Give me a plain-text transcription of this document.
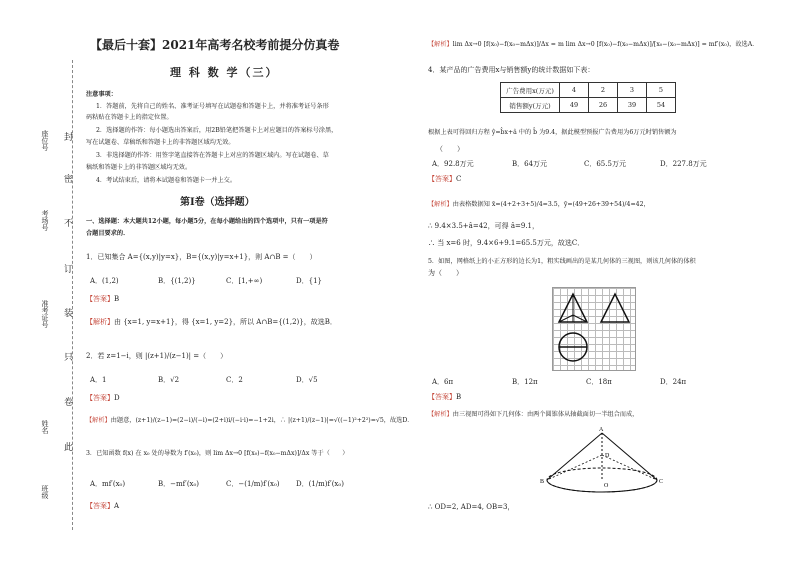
封
密
不
订
装
只
卷
此
座位号
考场号
准考证号
姓名
班级
【最后十套】2021年高考名校考前提分仿真卷
理 科 数 学（三）
注意事项：
1．答题前，先将自己的姓名、准考证号填写在试题卷和答题卡上，并将准考证号条形
码粘贴在答题卡上的指定位置。
2．选择题的作答：每小题选出答案后，用2B铅笔把答题卡上对应题目的答案标号涂黑，
写在试题卷、草稿纸和答题卡上的非答题区域均无效。
3．非选择题的作答：用签字笔直接答在答题卡上对应的答题区域内。写在试题卷、草
稿纸和答题卡上的非答题区域均无效。
4．考试结束后，请将本试题卷和答题卡一并上交。
第Ⅰ卷（选择题）
一、选择题：本大题共12小题，每小题5分，在每小题给出的四个选项中，只有一项是符
合题目要求的．
1．已知集合 A={(x,y)|y=x}，B={(x,y)|y=x+1}，则 A∩B =（　　）
A．(1,2)	B．{(1,2)}	C．[1,+∞)	D．{1}
【答案】B
【解析】由 {x=1, y=x+1}，得 {x=1, y=2}，所以 A∩B={(1,2)}，故选B．
2．若 z=1−i，则 |(z+1)/(z−1)| =（　　）
A．1	B．√2	C．2	D．√5
【答案】D
【解析】由题意，(z+1)/(z−1)=(2−i)/(−i)=(2+i)i/(−i·i)=−1+2i，∴ |(z+1)/(z−1)|=√((−1)²+2²)=√5，故选D．
3．已知函数 f(x) 在 x₀ 处的导数为 f′(x₀)，则 lim Δx→0 [f(x₀)−f(x₀−mΔx)]/Δx 等于（　　）
A．mf′(x₀)	B．−mf′(x₀)	C．−(1/m)f′(x₀) D．(1/m)f′(x₀)
【答案】A
【解析】lim Δx→0 [f(x₀)−f(x₀−mΔx)]/Δx = m lim Δx→0 [f(x₀)−f(x₀−mΔx)]/[x₀−(x₀−mΔx)] = mf′(x₀)，故选A．
4．某产品的广告费用x与销售额y的统计数据如下表：
广告费用x(万元)	4	2	3	5
销售额y(万元)	49	26	39	54
根据上表可得回归方程 ŷ=b̂x+â 中的 b̂ 为9.4，据此模型预报广告费用为6万元时销售额为
（　　）
A．92.8万元	B．64万元	C．65.5万元	D．227.8万元
【答案】C
【解析】由表格数据知 x̄=(4+2+3+5)/4=3.5，ȳ=(49+26+39+54)/4=42，
∴ 9.4×3.5+â=42，可得 â=9.1，
∴ 当 x=6 时，9.4×6+9.1=65.5万元，故选C．
5．如图，网格纸上的小正方形的边长为1，粗实线画出的是某几何体的三视图，则该几何体的体积
为（　　）
A．6π	B．12π	C．18π	D．24π
【答案】B
【解析】由三视图可得如下几何体：由两个圆锥体从轴截面切一半组合而成，
A
B	C
D
O
∴ OD=2, AD=4, OB=3，
